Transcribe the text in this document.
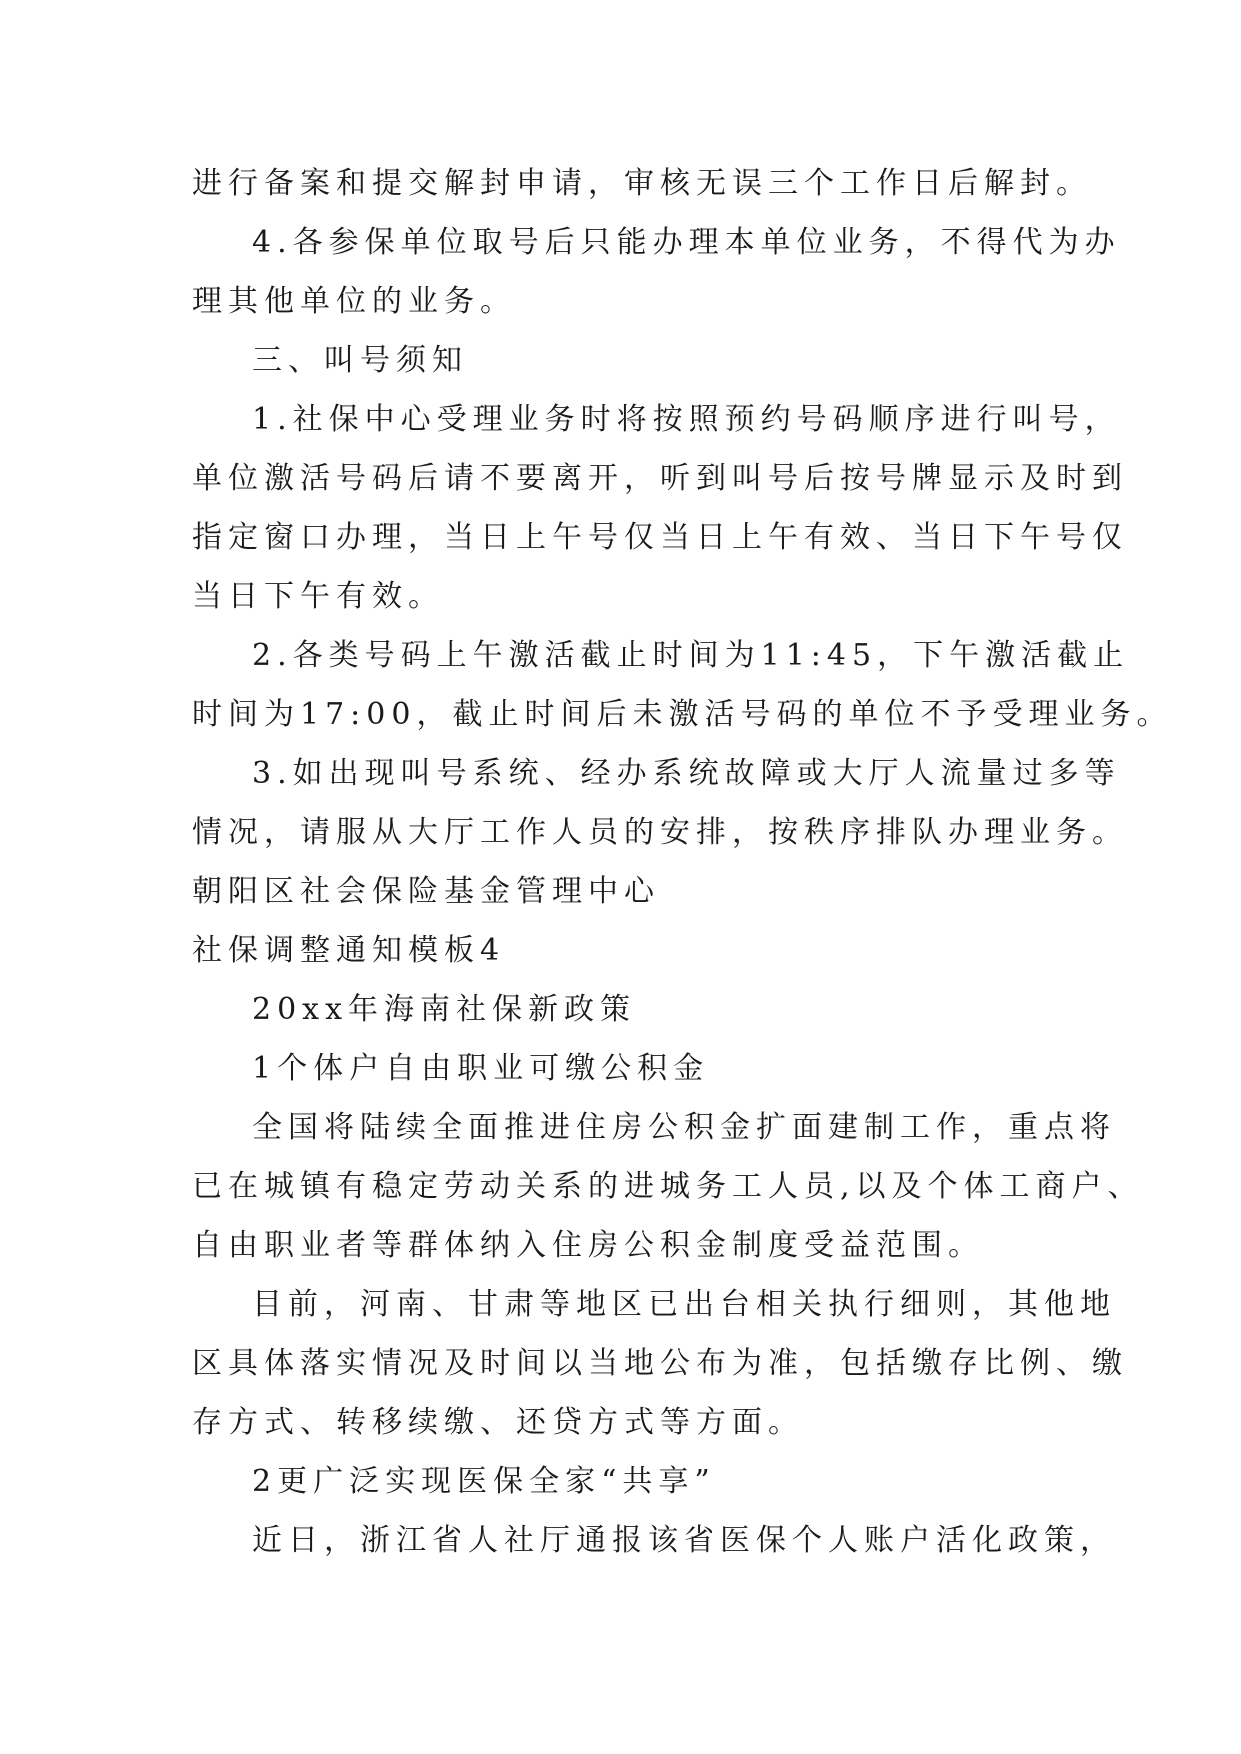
进行备案和提交解封申请，审核无误三个工作日后解封。
4.各参保单位取号后只能办理本单位业务，不得代为办
理其他单位的业务。
三、叫号须知
1.社保中心受理业务时将按照预约号码顺序进行叫号，
单位激活号码后请不要离开，听到叫号后按号牌显示及时到
指定窗口办理，当日上午号仅当日上午有效、当日下午号仅
当日下午有效。
2.各类号码上午激活截止时间为11:45，下午激活截止
时间为17:00，截止时间后未激活号码的单位不予受理业务。
3.如出现叫号系统、经办系统故障或大厅人流量过多等
情况，请服从大厅工作人员的安排，按秩序排队办理业务。
朝阳区社会保险基金管理中心
社保调整通知模板4
20xx年海南社保新政策
1个体户自由职业可缴公积金
全国将陆续全面推进住房公积金扩面建制工作，重点将
已在城镇有稳定劳动关系的进城务工人员,以及个体工商户、
自由职业者等群体纳入住房公积金制度受益范围。
目前，河南、甘肃等地区已出台相关执行细则，其他地
区具体落实情况及时间以当地公布为准，包括缴存比例、缴
存方式、转移续缴、还贷方式等方面。
2更广泛实现医保全家“共享”
近日，浙江省人社厅通报该省医保个人账户活化政策，
